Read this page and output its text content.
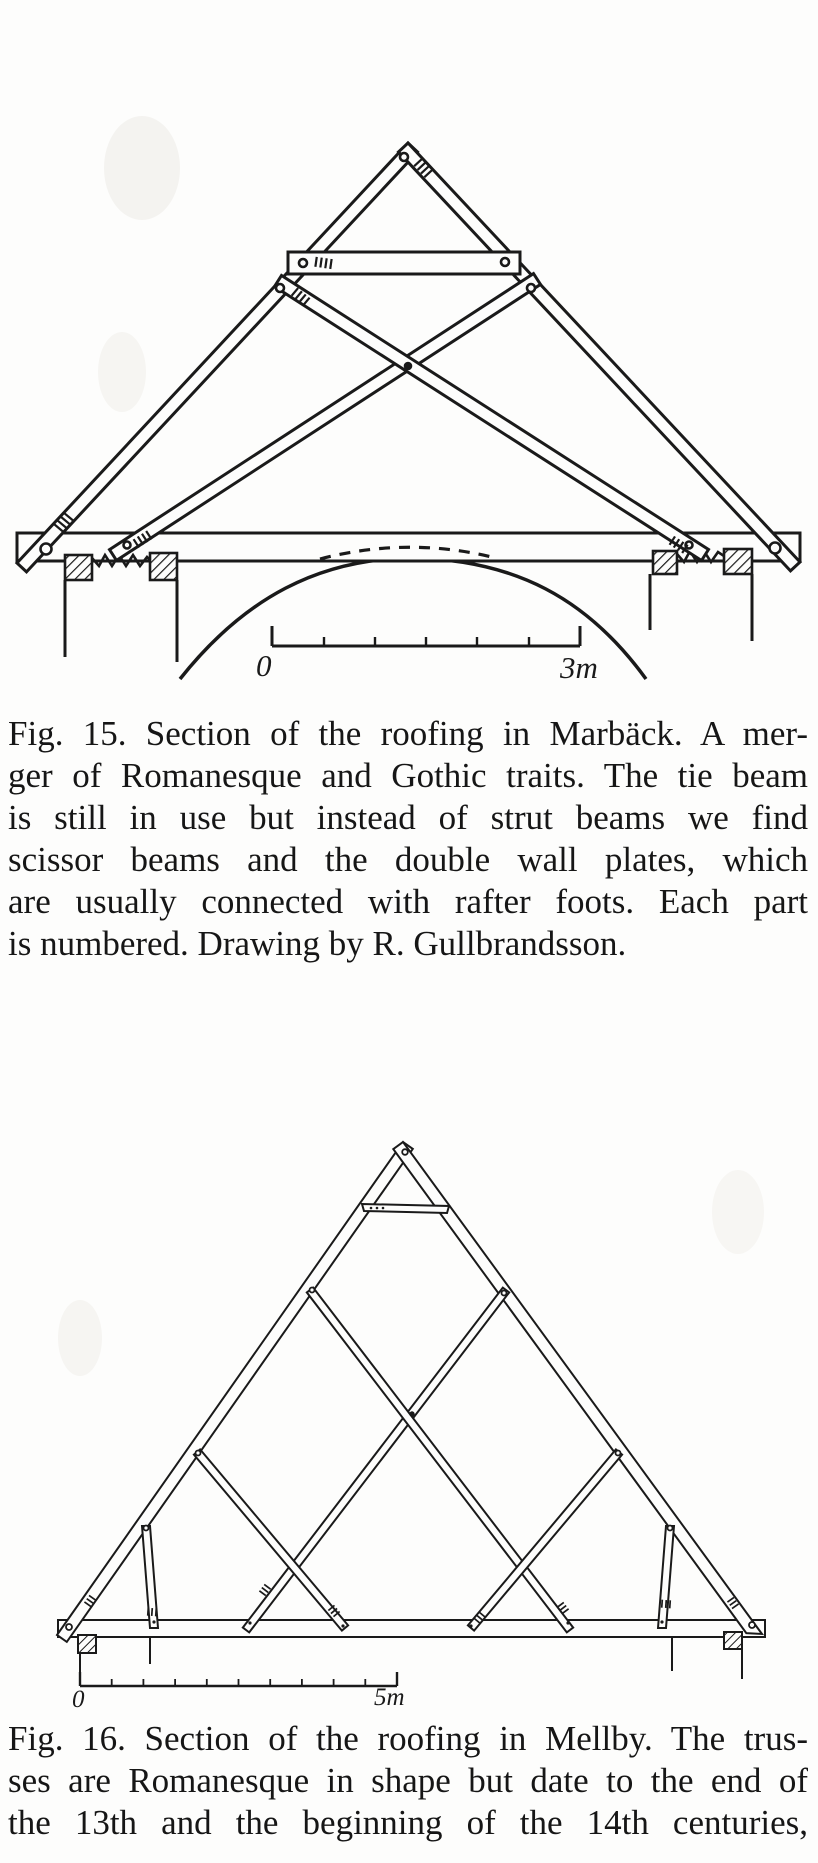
0	3m
Fig. 15. Section of the roofing in Marbäck. A mer-
ger of Romanesque and Gothic traits. The tie beam
is still in use but instead of strut beams we find
scissor beams and the double wall plates, which
are usually connected with rafter foots. Each part
is numbered. Drawing by R. Gullbrandsson.
0	5m
Fig. 16. Section of the roofing in Mellby. The trus-
ses are Romanesque in shape but date to the end of
the 13th and the beginning of the 14th centuries,
